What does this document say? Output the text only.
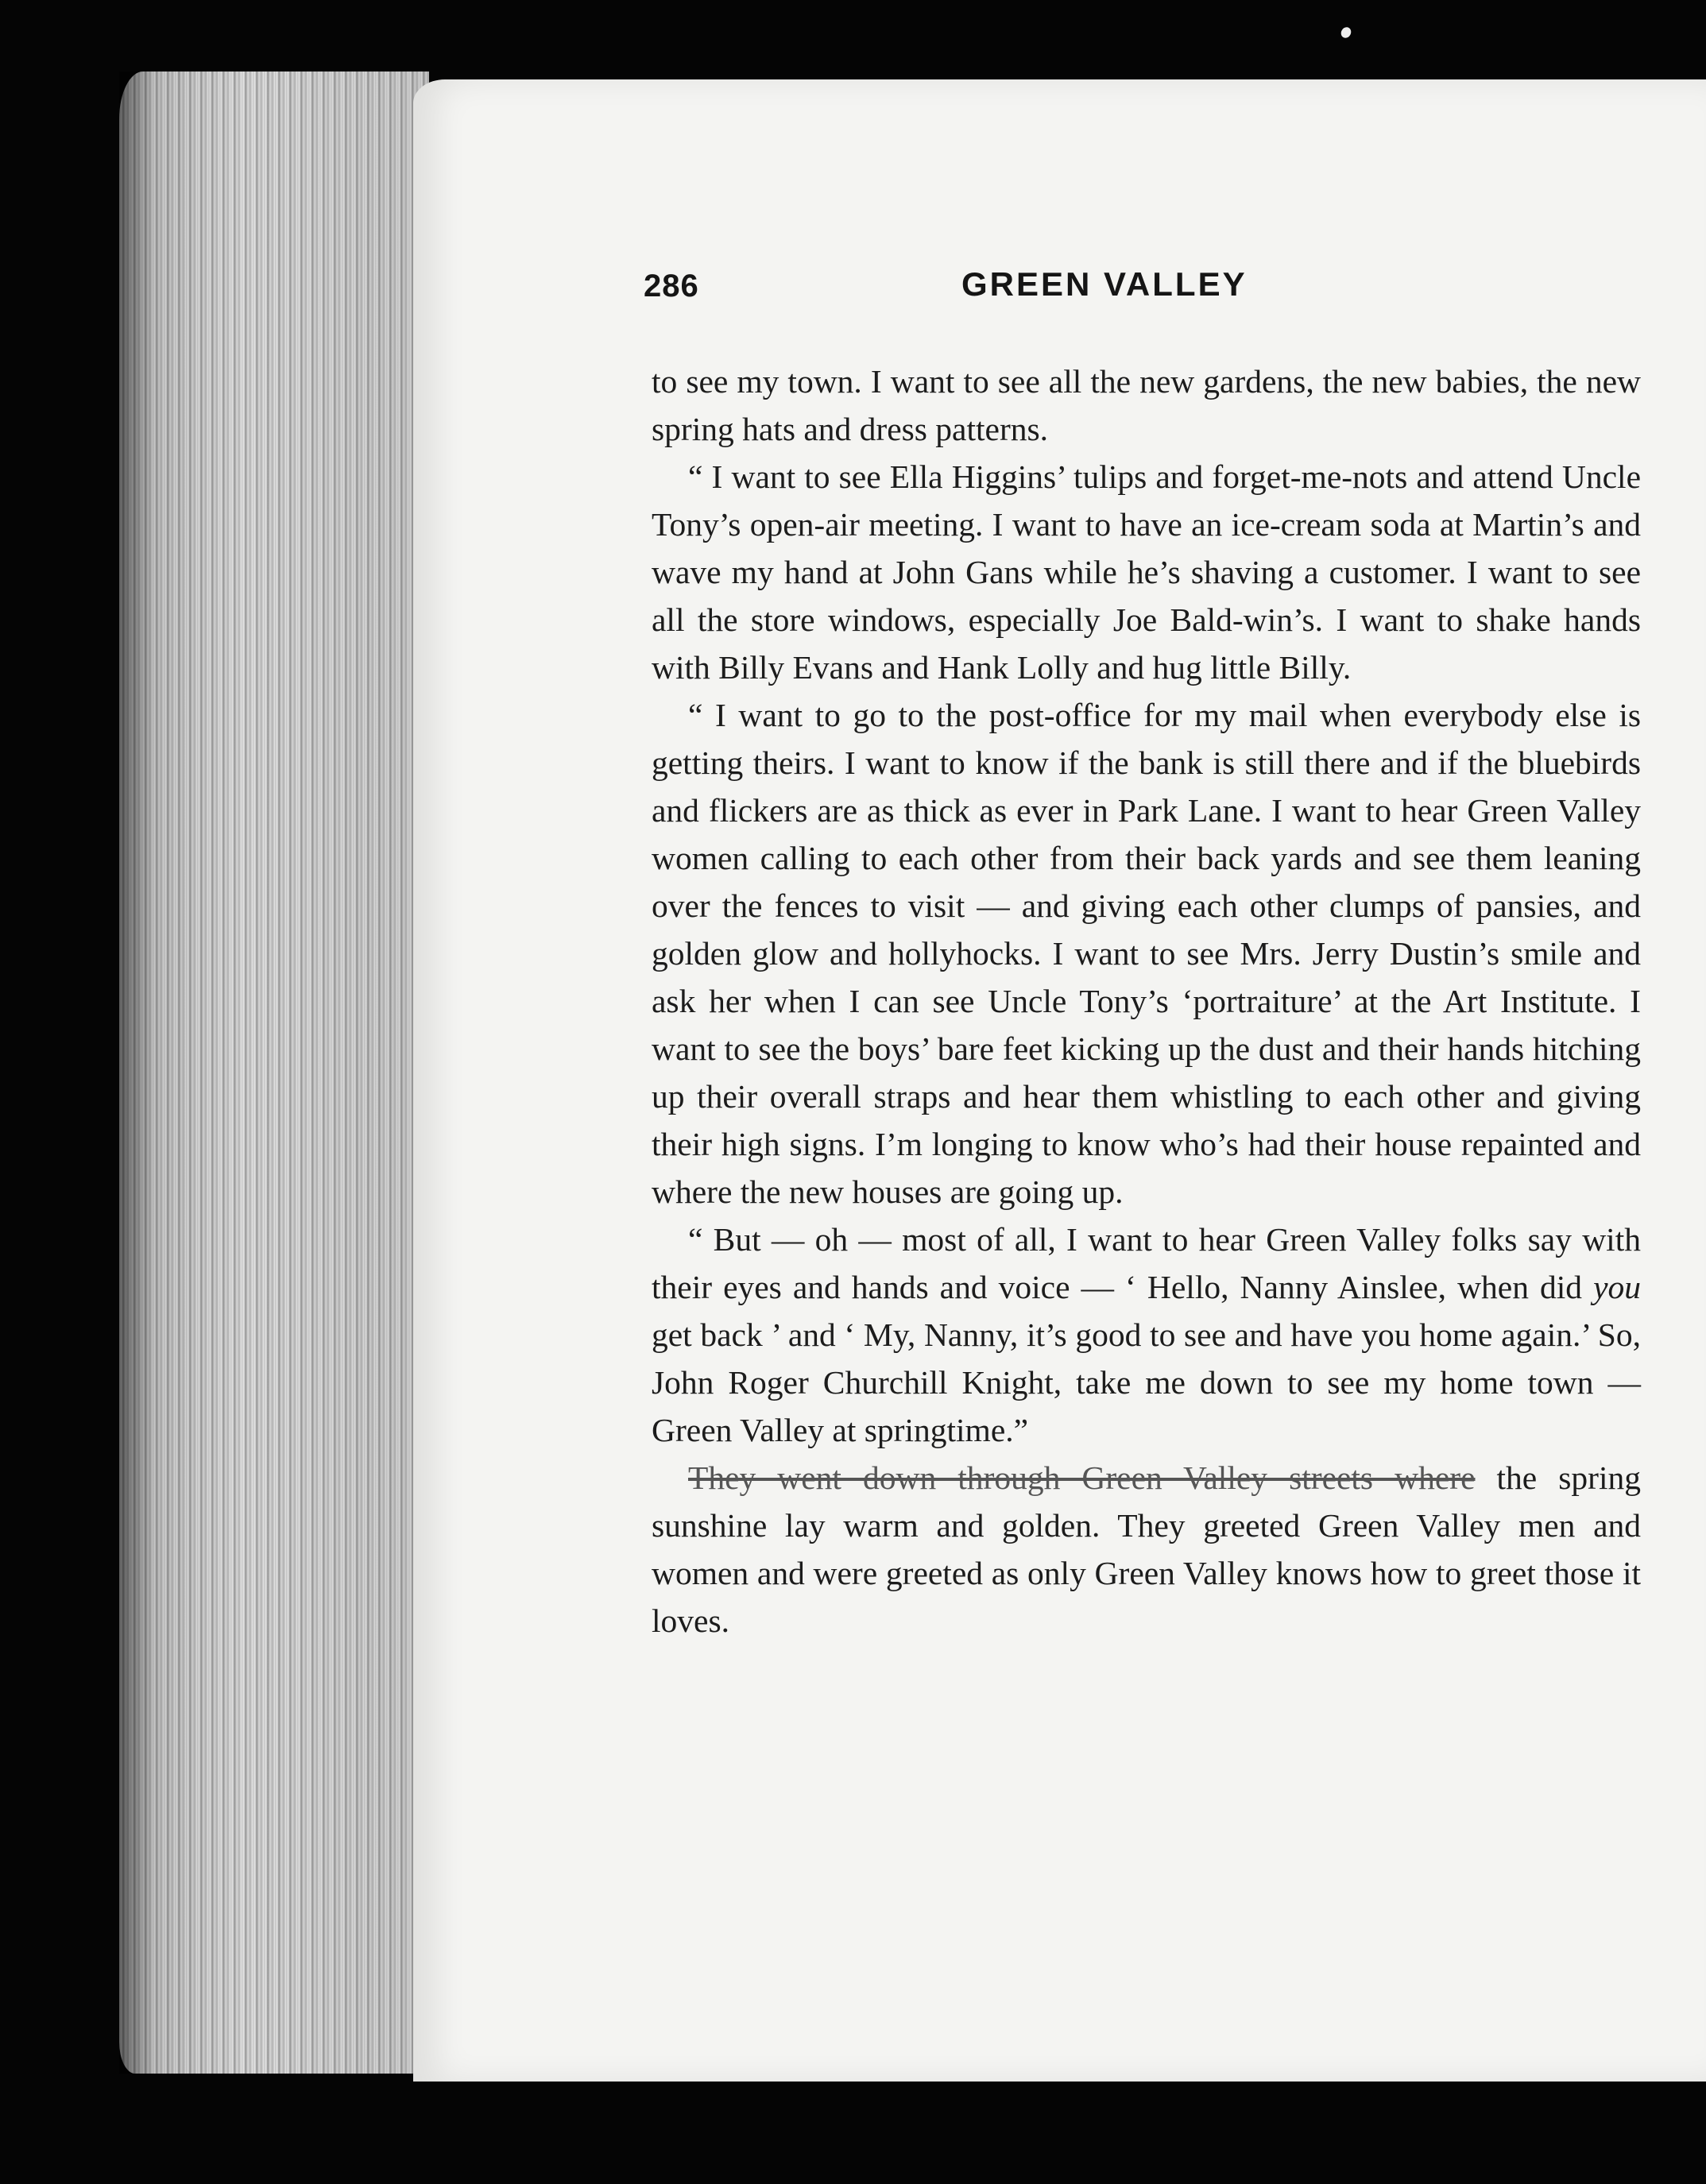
286	GREEN VALLEY

to see my town. I want to see all the new gardens, the new babies, the new spring hats and dress patterns.

“ I want to see Ella Higgins’ tulips and forget-me-nots and attend Uncle Tony’s open-air meeting. I want to have an ice-cream soda at Martin’s and wave my hand at John Gans while he’s shaving a customer. I want to see all the store windows, especially Joe Bald-win’s. I want to shake hands with Billy Evans and Hank Lolly and hug little Billy.

“ I want to go to the post-office for my mail when everybody else is getting theirs. I want to know if the bank is still there and if the bluebirds and flickers are as thick as ever in Park Lane. I want to hear Green Valley women calling to each other from their back yards and see them leaning over the fences to visit — and giving each other clumps of pansies, and golden glow and hollyhocks. I want to see Mrs. Jerry Dustin’s smile and ask her when I can see Uncle Tony’s ‘portraiture’ at the Art Institute. I want to see the boys’ bare feet kicking up the dust and their hands hitching up their overall straps and hear them whistling to each other and giving their high signs. I’m longing to know who’s had their house repainted and where the new houses are going up.

“ But — oh — most of all, I want to hear Green Valley folks say with their eyes and hands and voice — ‘ Hello, Nanny Ainslee, when did you get back ’ and ‘ My, Nanny, it’s good to see and have you home again.’ So, John Roger Churchill Knight, take me down to see my home town — Green Valley at springtime.”

They went down through Green Valley streets where the spring sunshine lay warm and golden. They greeted Green Valley men and women and were greeted as only Green Valley knows how to greet those it loves.
